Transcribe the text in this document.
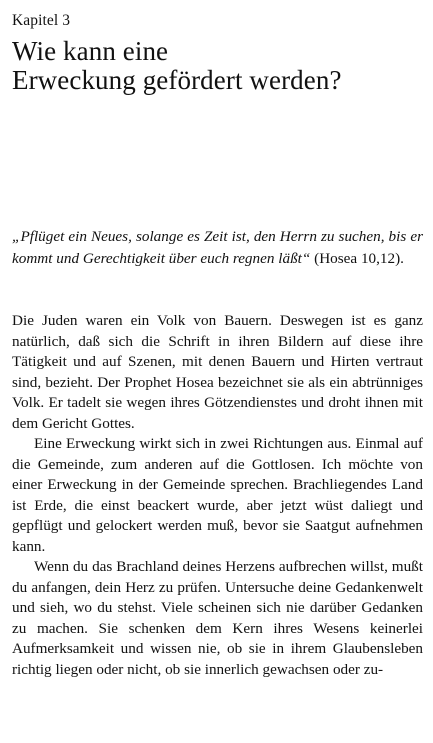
Kapitel 3
Wie kann eine
Erweckung gefördert werden?
„Pflüget ein Neues, solange es Zeit ist, den Herrn zu suchen, bis er kommt und Gerechtigkeit über euch regnen läßt“ (Hosea 10,12).

Die Juden waren ein Volk von Bauern. Deswegen ist es ganz natürlich, daß sich die Schrift in ihren Bildern auf diese ihre Tätigkeit und auf Szenen, mit denen Bauern und Hirten vertraut sind, bezieht. Der Prophet Hosea bezeichnet sie als ein abtrünniges Volk. Er tadelt sie wegen ihres Götzendienstes und droht ihnen mit dem Gericht Gottes.

Eine Erweckung wirkt sich in zwei Richtungen aus. Einmal auf die Gemeinde, zum anderen auf die Gottlosen. Ich möchte von einer Erweckung in der Gemeinde sprechen. Brachliegendes Land ist Erde, die einst beackert wurde, aber jetzt wüst daliegt und gepflügt und gelockert werden muß, bevor sie Saatgut aufnehmen kann.

Wenn du das Brachland deines Herzens aufbrechen willst, mußt du anfangen, dein Herz zu prüfen. Untersuche deine Gedankenwelt und sieh, wo du stehst. Viele scheinen sich nie darüber Gedanken zu machen. Sie schenken dem Kern ihres Wesens keinerlei Aufmerksamkeit und wissen nie, ob sie in ihrem Glaubensleben richtig liegen oder nicht, ob sie innerlich gewachsen oder zu-
